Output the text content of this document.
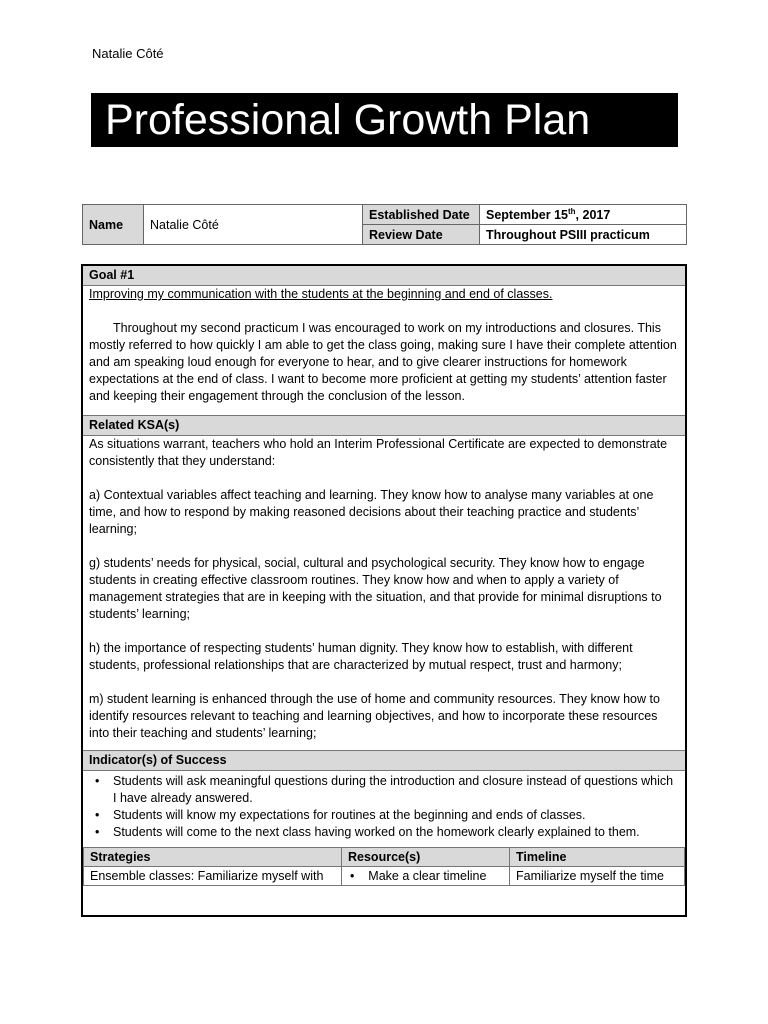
Natalie Côté
Professional Growth Plan
Name	Natalie Côté	Established Date	September 15th, 2017
		Review Date	Throughout PSIII practicum
Goal #1

Improving my communication with the students at the beginning and end of classes.

Throughout my second practicum I was encouraged to work on my introductions and closures. This mostly referred to how quickly I am able to get the class going, making sure I have their complete attention and am speaking loud enough for everyone to hear, and to give clearer instructions for homework expectations at the end of class. I want to become more proficient at getting my students’ attention faster and keeping their engagement through the conclusion of the lesson.

Related KSA(s)

As situations warrant, teachers who hold an Interim Professional Certificate are expected to demonstrate consistently that they understand:

a) Contextual variables affect teaching and learning. They know how to analyse many variables at one time, and how to respond by making reasoned decisions about their teaching practice and students’ learning;

g) students’ needs for physical, social, cultural and psychological security. They know how to engage students in creating effective classroom routines. They know how and when to apply a variety of management strategies that are in keeping with the situation, and that provide for minimal disruptions to students’ learning;

h) the importance of respecting students’ human dignity. They know how to establish, with different students, professional relationships that are characterized by mutual respect, trust and harmony;

m) student learning is enhanced through the use of home and community resources. They know how to identify resources relevant to teaching and learning objectives, and how to incorporate these resources into their teaching and students’ learning;

Indicator(s) of Success
• Students will ask meaningful questions during the introduction and closure instead of questions which I have already answered.
• Students will know my expectations for routines at the beginning and ends of classes.
• Students will come to the next class having worked on the homework clearly explained to them.
Strategies	Resource(s)	Timeline
Ensemble classes: Familiarize myself with	• Make a clear timeline	Familiarize myself the time
